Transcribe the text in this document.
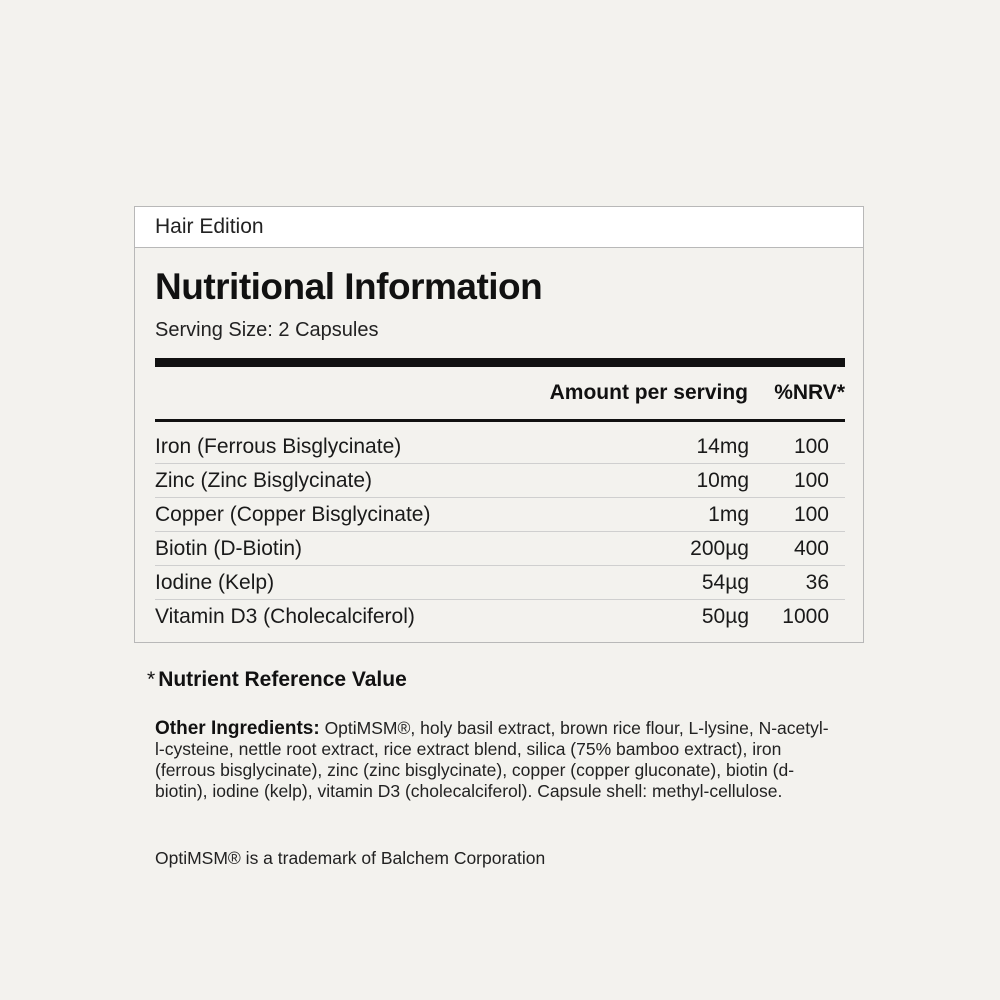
Hair Edition
Nutritional Information
Serving Size: 2 Capsules
Amount per serving	%NRV*
Iron (Ferrous Bisglycinate)	14mg	100
Zinc (Zinc Bisglycinate)	10mg	100
Copper (Copper Bisglycinate)	1mg	100
Biotin (D-Biotin)	200µg	400
Iodine (Kelp)	54µg	36
Vitamin D3 (Cholecalciferol)	50µg	1000
* Nutrient Reference Value
Other Ingredients: OptiMSM®, holy basil extract, brown rice flour, L-lysine, N-acetyl-l-cysteine, nettle root extract, rice extract blend, silica (75% bamboo extract), iron (ferrous bisglycinate), zinc (zinc bisglycinate), copper (copper gluconate), biotin (d-biotin), iodine (kelp), vitamin D3 (cholecalciferol). Capsule shell: methyl-cellulose.
OptiMSM® is a trademark of Balchem Corporation
